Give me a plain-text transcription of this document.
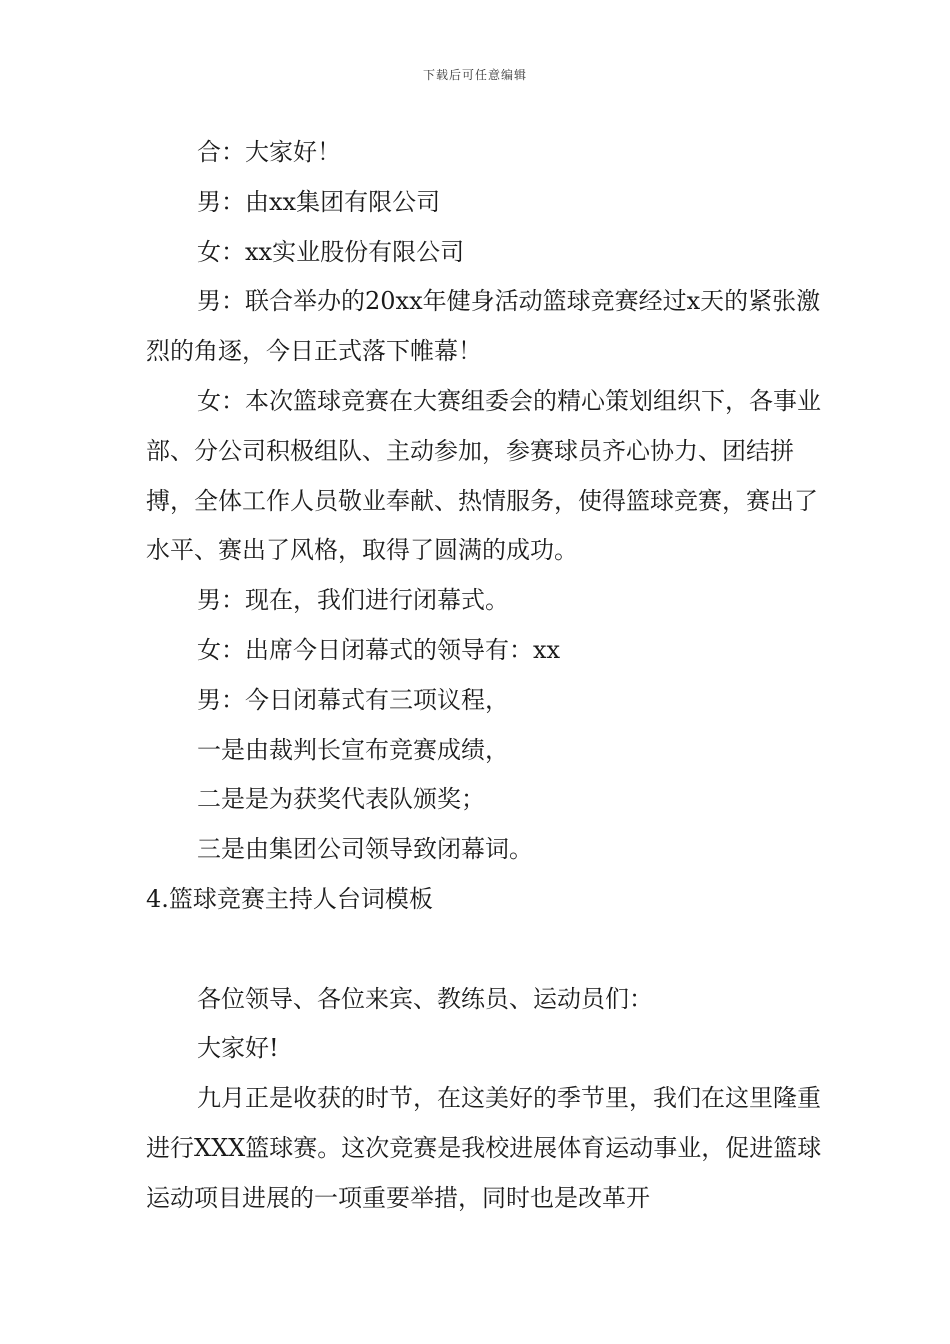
下载后可任意编辑

合：大家好！

男：由xx集团有限公司

女：xx实业股份有限公司

男：联合举办的20xx年健身活动篮球竞赛经过x天的紧张激烈的角逐，今日正式落下帷幕！

女：本次篮球竞赛在大赛组委会的精心策划组织下，各事业部、分公司积极组队、主动参加，参赛球员齐心协力、团结拼搏，全体工作人员敬业奉献、热情服务，使得篮球竞赛，赛出了水平、赛出了风格，取得了圆满的成功。

男：现在，我们进行闭幕式。

女：出席今日闭幕式的领导有：xx

男：今日闭幕式有三项议程，

一是由裁判长宣布竞赛成绩，

二是是为获奖代表队颁奖；

三是由集团公司领导致闭幕词。

4.篮球竞赛主持人台词模板

各位领导、各位来宾、教练员、运动员们：

大家好!

九月正是收获的时节，在这美好的季节里，我们在这里隆重进行XXX篮球赛。这次竞赛是我校进展体育运动事业，促进篮球运动项目进展的一项重要举措，同时也是改革开
